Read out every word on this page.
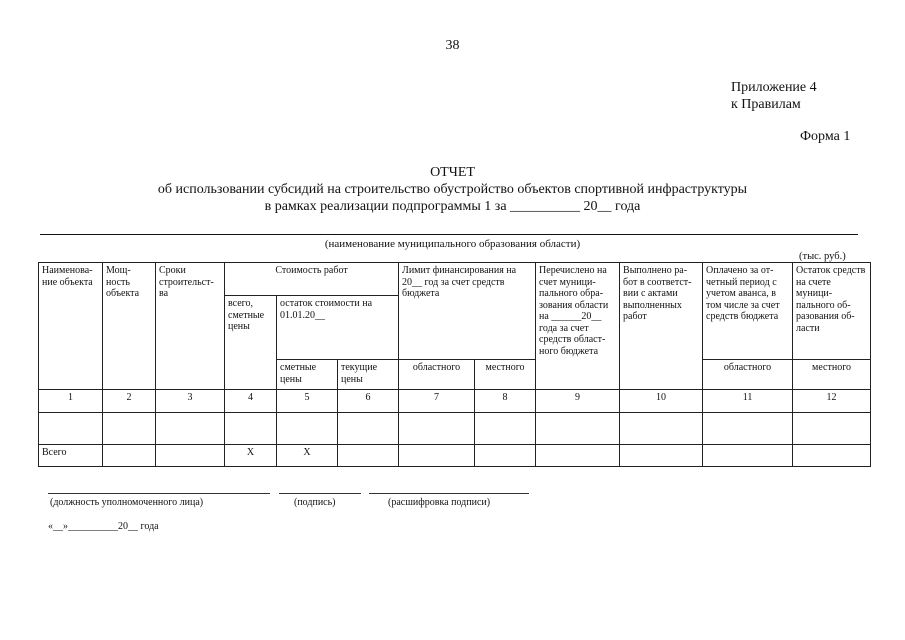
38
Приложение 4
к Правилам
Форма 1
ОТЧЕТ
об использовании субсидий на строительство обустройство объектов спортивной инфраструктуры
в рамках реализации подпрограммы 1 за __________ 20__ года
(наименование муниципального образования области)
(тыс. руб.)
Наименова-ние объекта	Мощ-ность объекта	Сроки строительст-ва	Стоимость работ			Лимит финансирования на 20__ год за счет средств бюджета		Перечислено на счет муници-пального обра-зования области на ______20__ года за счет средств област-ного бюджета	Выполнено ра-бот в соответст-вии с актами выполненных работ	Оплачено за от-четный период с учетом аванса, в том числе за счет средств бюджета	Остаток средств на счете муници-пального об-разования об-ласти
			всего, сметные цены	остаток стоимости на 01.01.20__							
				сметные цены	текущие цены	областного	местного			областного	местного
1	2	3	4	5	6	7	8	9	10	11	12

Всего			X	X							
(должность уполномоченного лица)	(подпись)	(расшифровка подписи)
«__»__________20__ года
